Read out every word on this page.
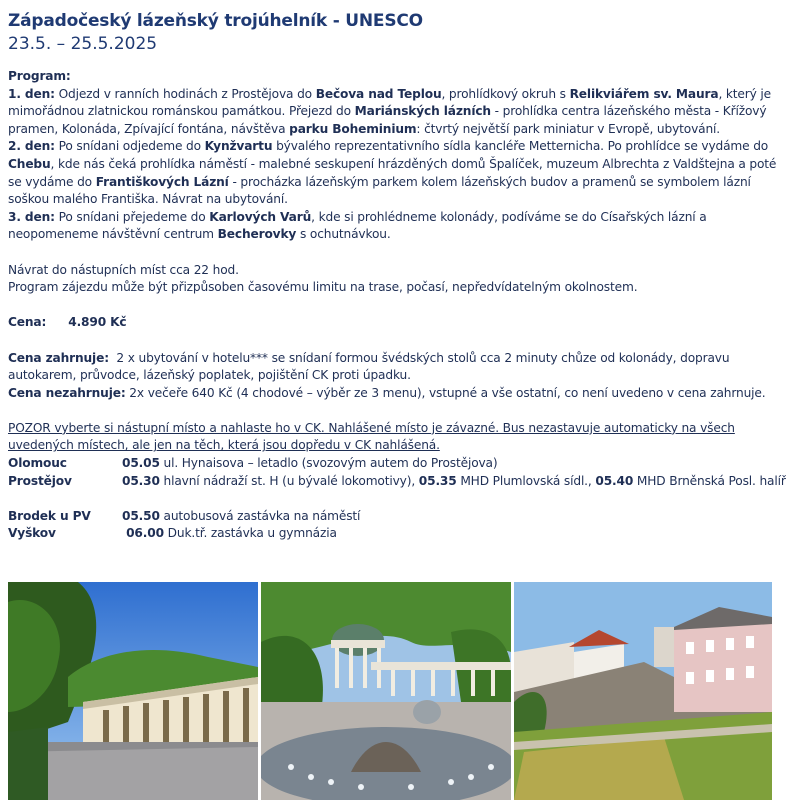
Západočeský lázeňský trojúhelník - UNESCO
23.5. – 25.5.2025

Program:

1. den: Odjezd v ranních hodinách z Prostějova do Bečova nad Teplou, prohlídkový okruh s Relikviářem sv. Maura, který je mimořádnou zlatnickou románskou památkou. Přejezd do Mariánských lázních - prohlídka centra lázeňského města - Křížový pramen, Kolonáda, Zpívající fontána, návštěva parku Boheminium: čtvrtý největší park miniatur v Evropě, ubytování.

2. den: Po snídani odjedeme do Kynžvartu bývalého reprezentativního sídla kancléře Metternicha. Po prohlídce se vydáme do Chebu, kde nás čeká prohlídka náměstí - malebné seskupení hrázděných domů Špalíček, muzeum Albrechta z Valdštejna a poté se vydáme do Františkových Lázní - procházka lázeňským parkem kolem lázeňských budov a pramenů se symbolem lázní soškou malého Františka. Návrat na ubytování.

3. den: Po snídani přejedeme do Karlových Varů, kde si prohlédneme kolonády, podíváme se do Císařských lázní a neopomeneme návštěvní centrum Becherovky s ochutnávkou.

Návrat do nástupních míst cca 22 hod.

Program zájezdu může být přizpůsoben časovému limitu na trase, počasí, nepředvídatelným okolnostem.

Cena: 4.890 Kč

Cena zahrnuje:  2 x ubytování v hotelu*** se snídaní formou švédských stolů cca 2 minuty chůze od kolonády, dopravu autokarem, průvodce, lázeňský poplatek, pojištění CK proti úpadku.

Cena nezahrnuje: 2x večeře 640 Kč (4 chodové – výběr ze 3 menu), vstupné a vše ostatní, co není uvedeno v cena zahrnuje.

POZOR vyberte si nástupní místo a nahlaste ho v CK. Nahlášené místo je závazné. Bus nezastavuje automaticky na všech uvedených místech, ale jen na těch, která jsou dopředu v CK nahlášená.

Olomouc	05.05 ul. Hynaisova – letadlo (svozovým autem do Prostějova)
Prostějov	05.30 hlavní nádraží st. H (u bývalé lokomotivy), 05.35 MHD Plumlovská sídl., 05.40 MHD Brněnská Posl. halíř
Brodek u PV	05.50 autobusová zastávka na náměstí
Vyškov	06.00 Duk.tř. zastávka u gymnázia
